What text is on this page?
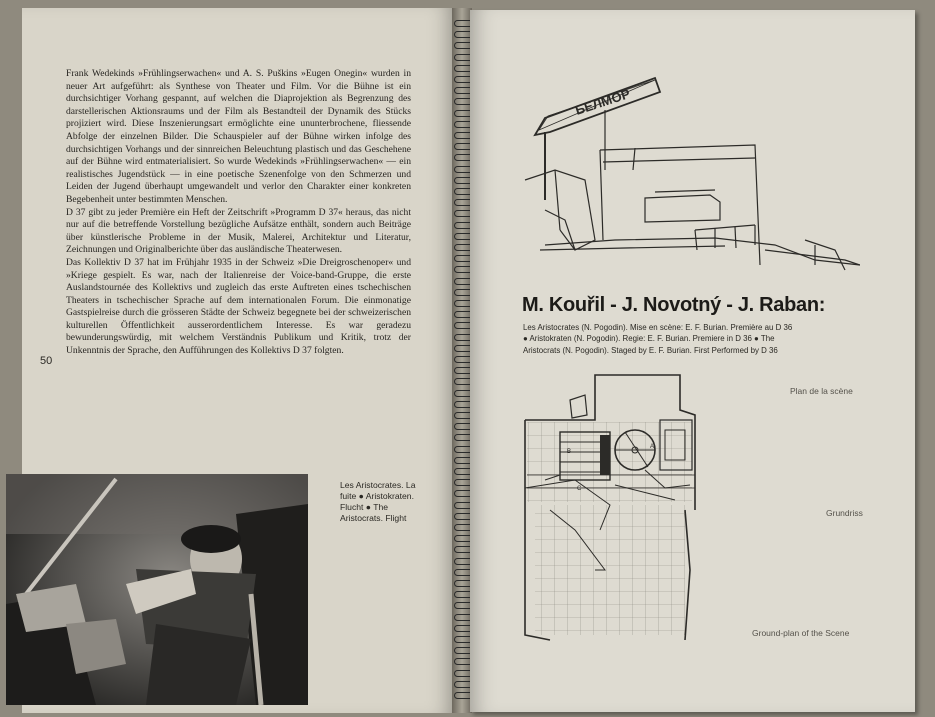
Frank Wedekinds »Frühlingserwachen« und A. S. Puškins »Eugen Onegin« wurden in neuer Art aufgeführt: als Synthese von Theater und Film. Vor die Bühne ist ein durchsichtiger Vorhang gespannt, auf welchen die Diaprojektion als Begrenzung des darstellerischen Aktionsraums und der Film als Bestandteil der Dynamik des Stücks projiziert wird. Diese Inszenierungsart ermöglichte eine ununterbrochene, fliessende Abfolge der einzelnen Bilder. Die Schauspieler auf der Bühne wirken infolge des durchsichtigen Vorhangs und der sinnreichen Beleuchtung plastisch und das Geschehene auf der Bühne wird entmaterialisiert. So wurde Wedekinds »Frühlingserwachen« — ein realistisches Jugendstück — in eine poetische Szenenfolge von den Schmerzen und Leiden der Jugend überhaupt umgewandelt und verlor den Charakter einer konkreten Begebenheit unter bestimmten Menschen.

D 37 gibt zu jeder Première ein Heft der Zeitschrift »Programm D 37« heraus, das nicht nur auf die betreffende Vorstellung bezügliche Aufsätze enthält, sondern auch Beiträge über künstlerische Probleme in der Musik, Malerei, Architektur und Literatur, Zeichnungen und Originalberichte über das ausländische Theaterwesen.

Das Kollektiv D 37 hat im Frühjahr 1935 in der Schweiz »Die Dreigroschenoper« und »Kriege gespielt. Es war, nach der Italienreise der Voice-band-Gruppe, die erste Auslandstournée des Kollektivs und zugleich das erste Auftreten eines tschechischen Theaters in tschechischer Sprache auf dem internationalen Forum. Die einmonatige Gastspielreise durch die grösseren Städte der Schweiz begegnete bei der schweizerischen kulturellen Öffentlichkeit ausserordentlichem Interesse. Es war geradezu bewunderungswürdig, mit welchem Verständnis Publikum und Kritik, trotz der Unkenntnis der Sprache, den Aufführungen des Kollektivs D 37 folgten.

50
Les Aristocrates. La fuite ● Aristokraten. Flucht ● The Aristocrats. Flight
БЕЛМОР
M. Kouřil - J. Novotný - J. Raban:
Les Aristocrates (N. Pogodin). Mise en scène: E. F. Burian. Première au D 36
● Aristokraten (N. Pogodin). Regie: E. F. Burian. Premiere in D 36 ● The
Aristocrats (N. Pogodin). Staged by E. F. Burian. First Performed by D 36
Plan de la scène
Grundriss
Ground-plan of the Scene
B
A
C
